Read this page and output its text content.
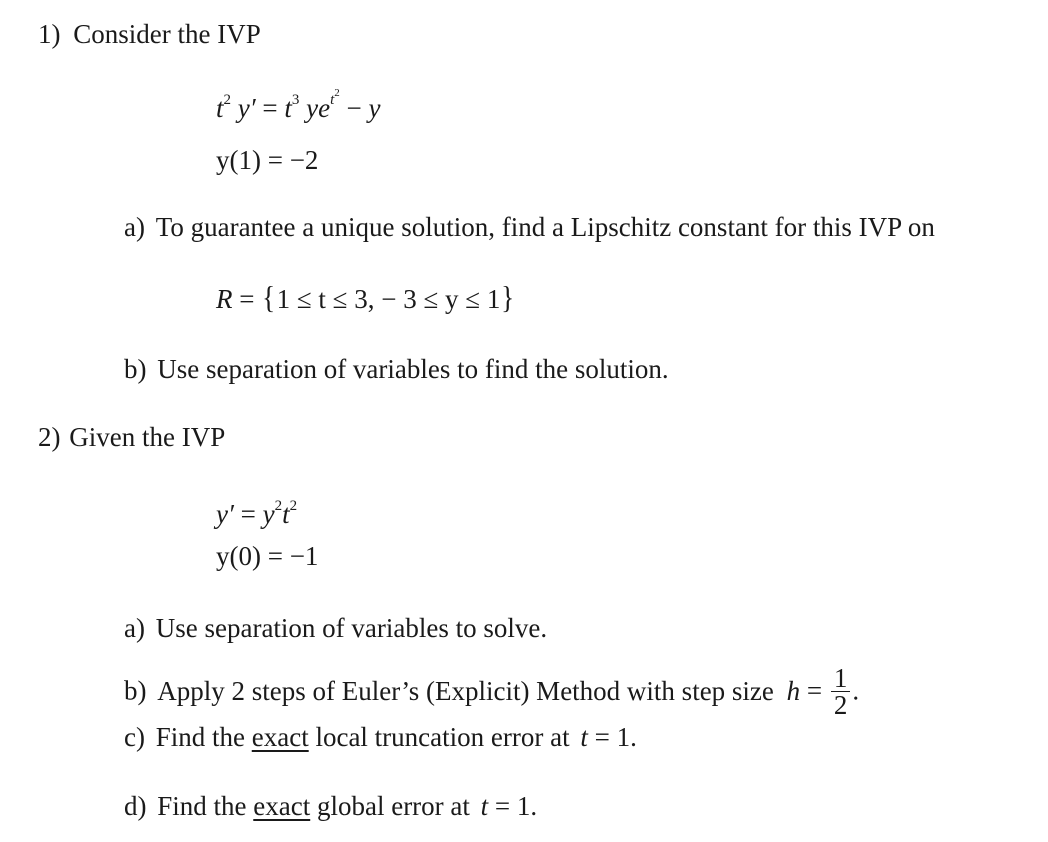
1) Consider the IVP
$t^2$ $y' = t^3$ $ye^{t^2} - y$
y(1) = −2
a) To guarantee a unique solution, find a Lipschitz constant for this IVP on
R = {1 ≤ t ≤ 3, − 3 ≤ y ≤ 1}
b) Use separation of variables to find the solution.
2) Given the IVP
$y' = y^2t^2$
y(0) = −1
a) Use separation of variables to solve.
b) Apply 2 steps of Euler’s (Explicit) Method with step size $h = \frac{1}{2}$ .
c) Find the exact local truncation error at t = 1.
d) Find the exact global error at t = 1.
